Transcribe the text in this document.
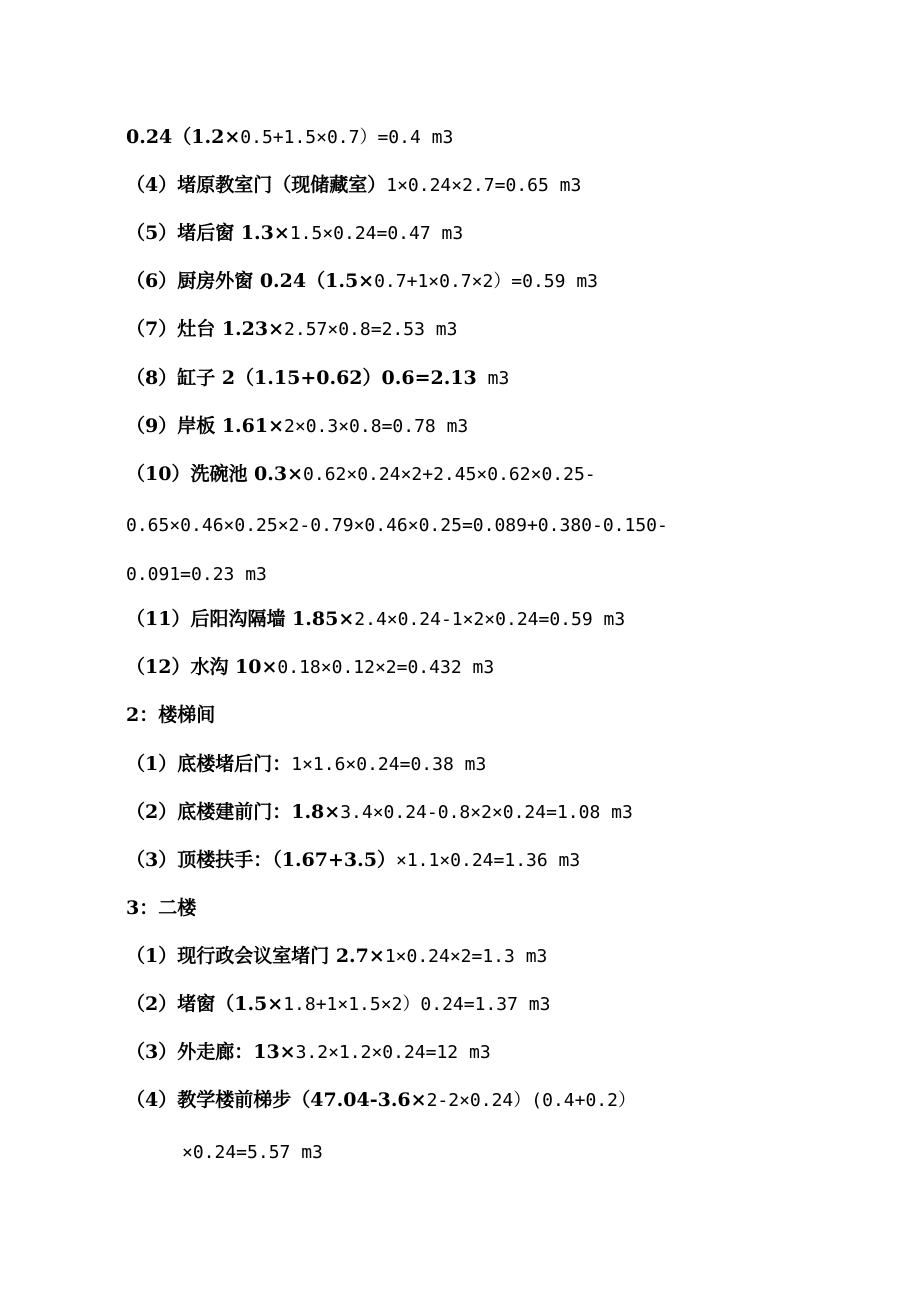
0.24（1.2×0.5+1.5×0.7）=0.4 m3
（4）堵原教室门（现储藏室）1×0.24×2.7=0.65 m3
（5）堵后窗 1.3×1.5×0.24=0.47 m3
（6）厨房外窗 0.24（1.5×0.7+1×0.7×2）=0.59 m3
（7）灶台 1.23×2.57×0.8=2.53 m3
（8）缸子 2（1.15+0.62）0.6=2.13 m3
（9）岸板 1.61×2×0.3×0.8=0.78 m3
（10）洗碗池 0.3×0.62×0.24×2+2.45×0.62×0.25-
0.65×0.46×0.25×2-0.79×0.46×0.25=0.089+0.380-0.150-
0.091=0.23 m3
（11）后阳沟隔墙 1.85×2.4×0.24-1×2×0.24=0.59 m3
（12）水沟 10×0.18×0.12×2=0.432 m3
2：楼梯间
（1）底楼堵后门：1×1.6×0.24=0.38 m3
（2）底楼建前门：1.8×3.4×0.24-0.8×2×0.24=1.08 m3
（3）顶楼扶手：（1.67+3.5）×1.1×0.24=1.36 m3
3：二楼
（1）现行政会议室堵门 2.7×1×0.24×2=1.3 m3
（2）堵窗（1.5×1.8+1×1.5×2）0.24=1.37 m3
（3）外走廊：13×3.2×1.2×0.24=12 m3
（4）教学楼前梯步（47.04-3.6×2-2×0.24）(0.4+0.2）
×0.24=5.57 m3
